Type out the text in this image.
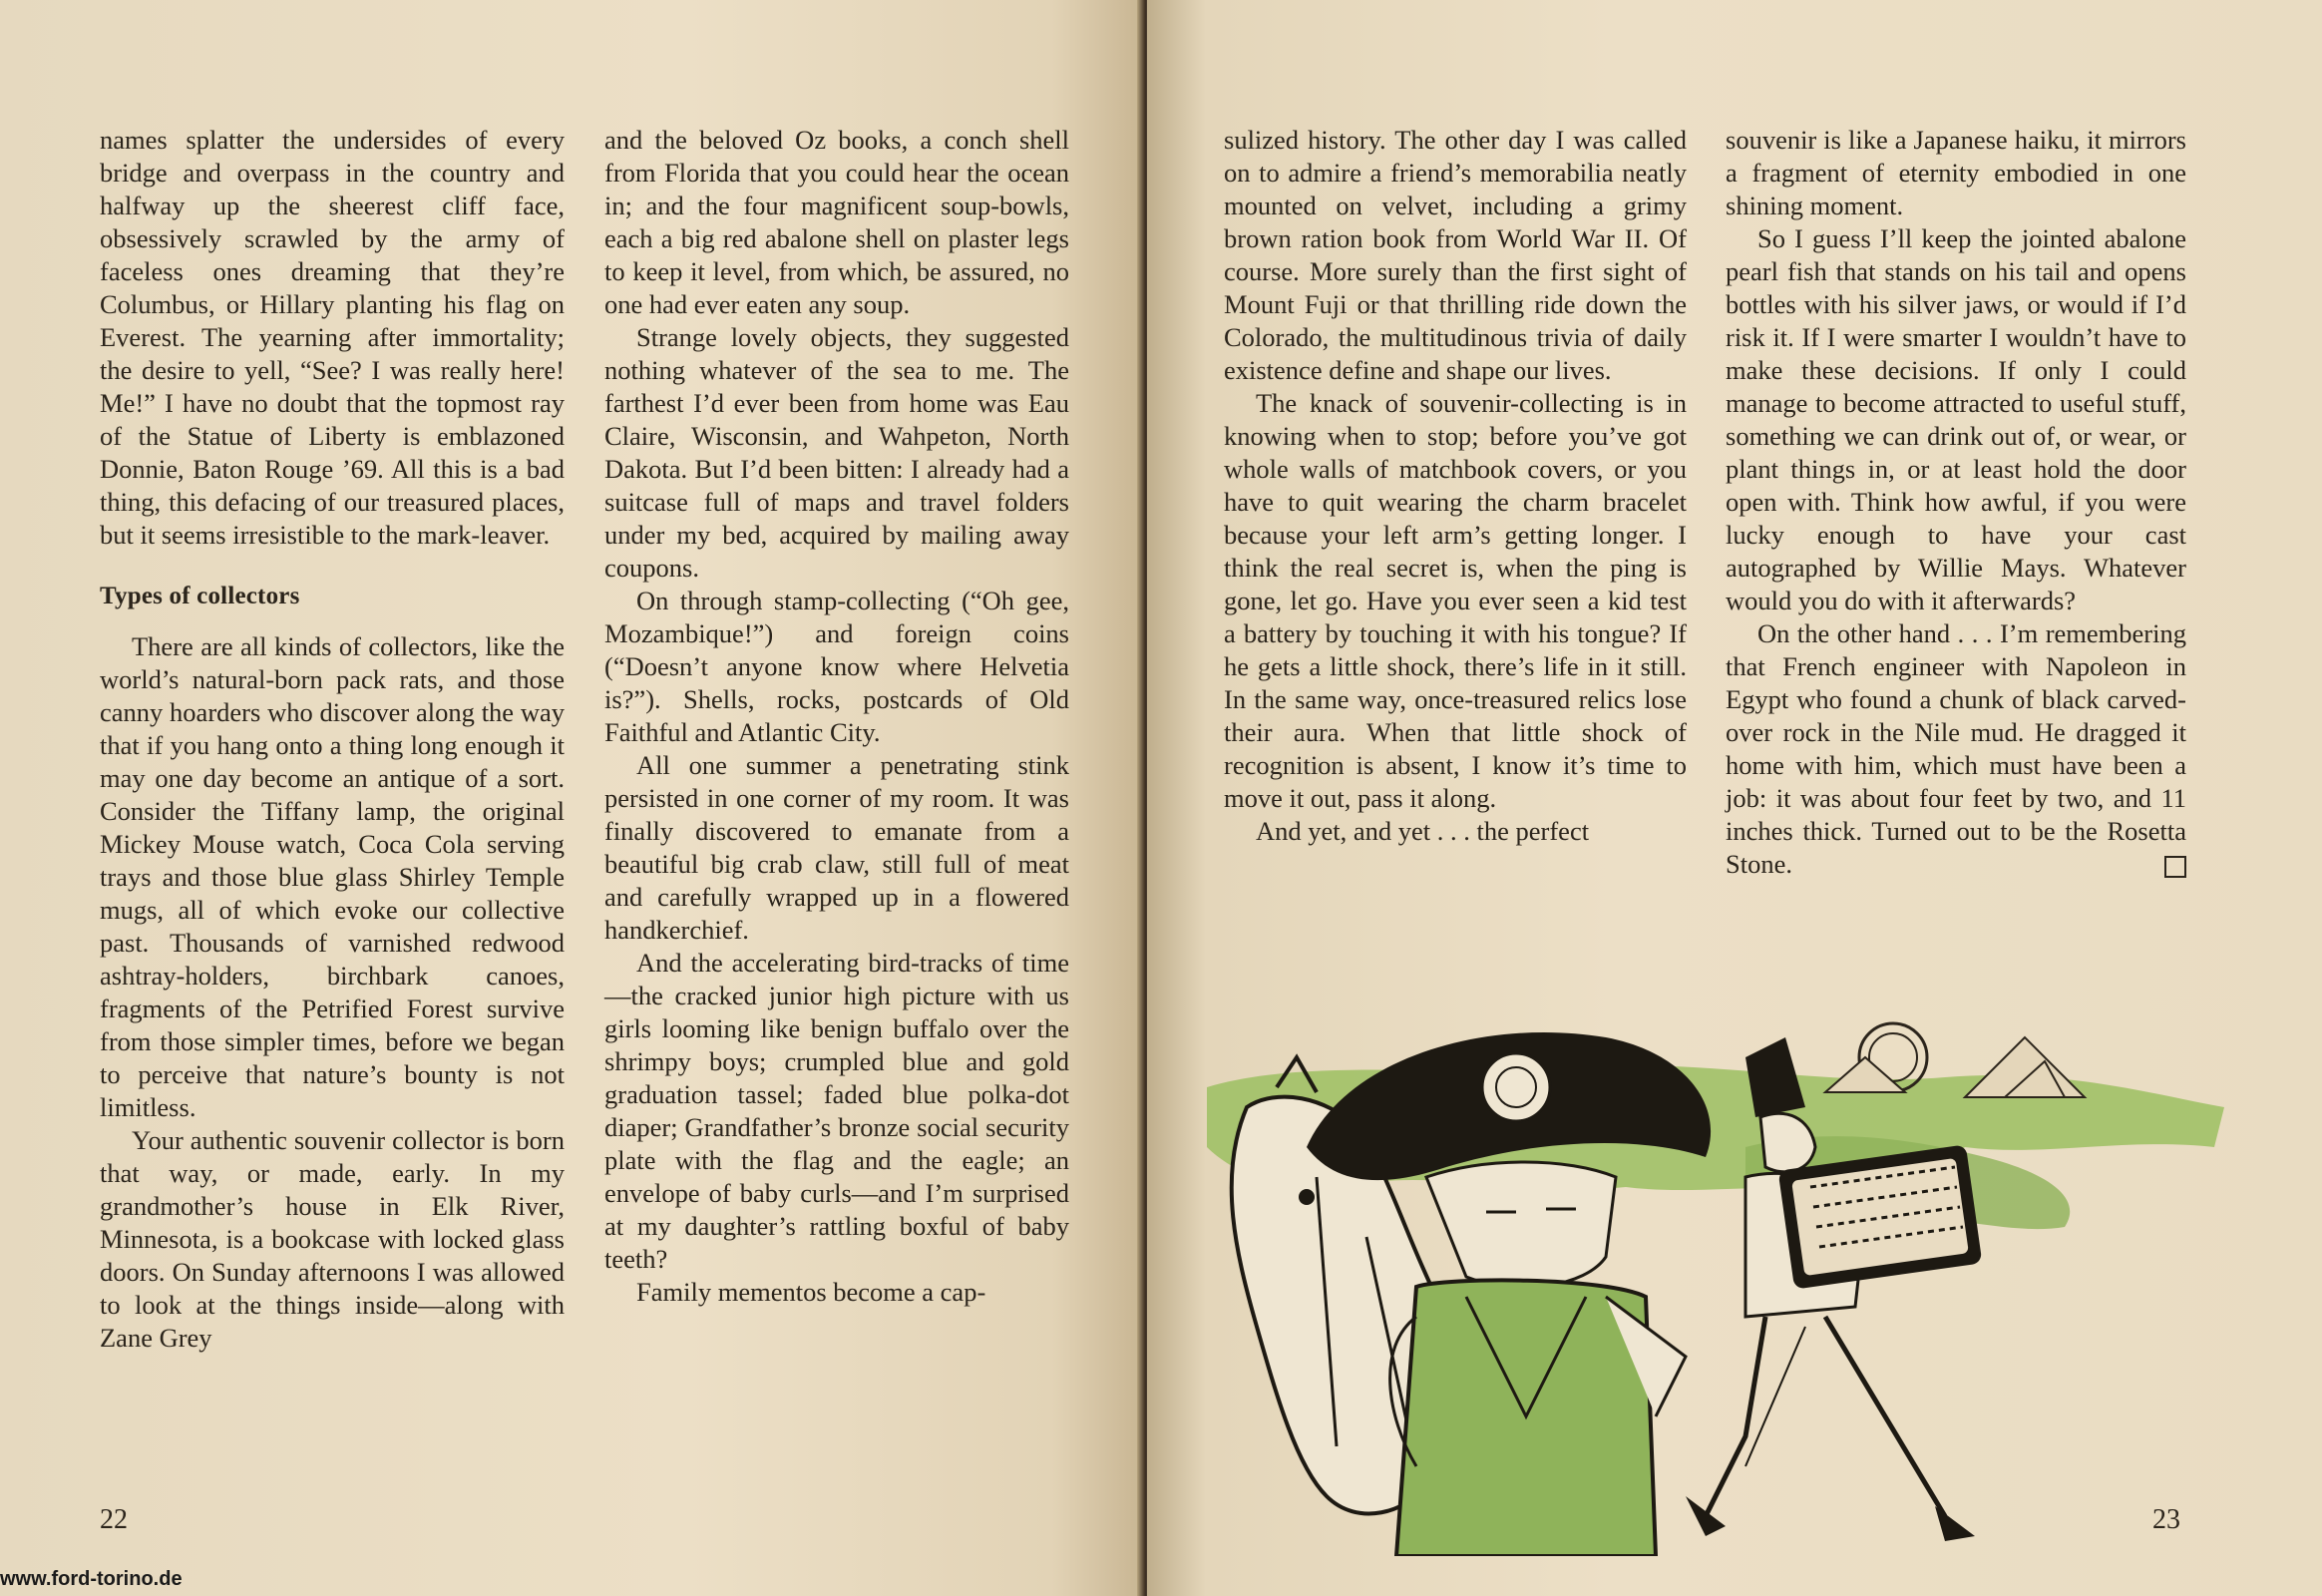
names splatter the undersides of every bridge and overpass in the country and halfway up the sheerest cliff face, obsessively scrawled by the army of faceless ones dreaming that they’re Columbus, or Hillary planting his flag on Everest. The yearning after immortality; the desire to yell, “See? I was really here! Me!” I have no doubt that the topmost ray of the Statue of Liberty is emblazoned Donnie, Baton Rouge ’69. All this is a bad thing, this defacing of our treasured places, but it seems irresistible to the mark-leaver.

Types of collectors

There are all kinds of collectors, like the world’s natural-born pack rats, and those canny hoarders who discover along the way that if you hang onto a thing long enough it may one day become an antique of a sort. Consider the Tiffany lamp, the original Mickey Mouse watch, Coca Cola serving trays and those blue glass Shirley Temple mugs, all of which evoke our collective past. Thousands of varnished redwood ashtray-holders, birchbark canoes, fragments of the Petrified Forest survive from those simpler times, before we began to perceive that nature’s bounty is not limitless.

Your authentic souvenir collector is born that way, or made, early. In my grandmother’s house in Elk River, Minnesota, is a bookcase with locked glass doors. On Sunday afternoons I was allowed to look at the things inside—along with Zane Grey

and the beloved Oz books, a conch shell from Florida that you could hear the ocean in; and the four magnificent soup-bowls, each a big red abalone shell on plaster legs to keep it level, from which, be assured, no one had ever eaten any soup.

Strange lovely objects, they suggested nothing whatever of the sea to me. The farthest I’d ever been from home was Eau Claire, Wisconsin, and Wahpeton, North Dakota. But I’d been bitten: I already had a suitcase full of maps and travel folders under my bed, acquired by mailing away coupons.

On through stamp-collecting (“Oh gee, Mozambique!”) and foreign coins (“Doesn’t anyone know where Helvetia is?”). Shells, rocks, postcards of Old Faithful and Atlantic City.

All one summer a penetrating stink persisted in one corner of my room. It was finally discovered to emanate from a beautiful big crab claw, still full of meat and carefully wrapped up in a flowered handkerchief.

And the accelerating bird-tracks of time—the cracked junior high picture with us girls looming like benign buffalo over the shrimpy boys; crumpled blue and gold graduation tassel; faded blue polka-dot diaper; Grandfather’s bronze social security plate with the flag and the eagle; an envelope of baby curls—and I’m surprised at my daughter’s rattling boxful of baby teeth?

Family mementos become a cap-

22
www.ford-torino.de

sulized history. The other day I was called on to admire a friend’s memorabilia neatly mounted on velvet, including a grimy brown ration book from World War II. Of course. More surely than the first sight of Mount Fuji or that thrilling ride down the Colorado, the multitudinous trivia of daily existence define and shape our lives.

The knack of souvenir-collecting is in knowing when to stop; before you’ve got whole walls of matchbook covers, or you have to quit wearing the charm bracelet because your left arm’s getting longer. I think the real secret is, when the ping is gone, let go. Have you ever seen a kid test a battery by touching it with his tongue? If he gets a little shock, there’s life in it still. In the same way, once-treasured relics lose their aura. When that little shock of recognition is absent, I know it’s time to move it out, pass it along.

And yet, and yet . . . the perfect

souvenir is like a Japanese haiku, it mirrors a fragment of eternity embodied in one shining moment.

So I guess I’ll keep the jointed abalone pearl fish that stands on his tail and opens bottles with his silver jaws, or would if I’d risk it. If I were smarter I wouldn’t have to make these decisions. If only I could manage to become attracted to useful stuff, something we can drink out of, or wear, or plant things in, or at least hold the door open with. Think how awful, if you were lucky enough to have your cast autographed by Willie Mays. Whatever would you do with it afterwards?

On the other hand . . . I’m remembering that French engineer with Napoleon in Egypt who found a chunk of black carved-over rock in the Nile mud. He dragged it home with him, which must have been a job: it was about four feet by two, and 11 inches thick. Turned out to be the Rosetta Stone.

23
